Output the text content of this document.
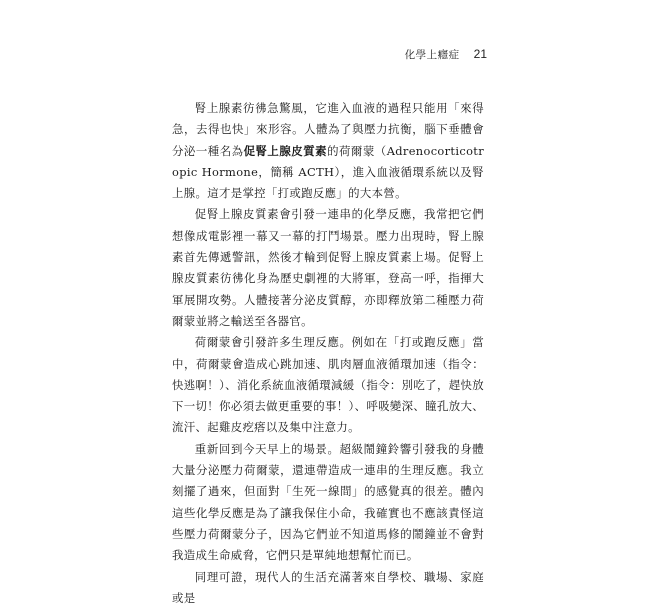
化學上癮症 21

腎上腺素彷彿急驚風，它進入血液的過程只能用「來得急，去得也快」來形容。人體為了與壓力抗衡，腦下垂體會分泌一種名為促腎上腺皮質素的荷爾蒙（Adrenocorticotropic Hormone，簡稱 ACTH），進入血液循環系統以及腎上腺。這才是掌控「打或跑反應」的大本營。

促腎上腺皮質素會引發一連串的化學反應，我常把它們想像成電影裡一幕又一幕的打鬥場景。壓力出現時，腎上腺素首先傳遞警訊，然後才輪到促腎上腺皮質素上場。促腎上腺皮質素彷彿化身為歷史劇裡的大將軍，登高一呼，指揮大軍展開攻勢。人體接著分泌皮質醇，亦即釋放第二種壓力荷爾蒙並將之輸送至各器官。

荷爾蒙會引發許多生理反應。例如在「打或跑反應」當中，荷爾蒙會造成心跳加速、肌肉層血液循環加速（指令：快逃啊！）、消化系統血液循環減緩（指令：別吃了，趕快放下一切！你必須去做更重要的事！）、呼吸變深、瞳孔放大、流汗、起雞皮疙瘩以及集中注意力。

重新回到今天早上的場景。超級鬧鐘鈴響引發我的身體大量分泌壓力荷爾蒙，還連帶造成一連串的生理反應。我立刻擺了過來，但面對「生死一線間」的感覺真的很差。體內這些化學反應是為了讓我保住小命，我確實也不應該責怪這些壓力荷爾蒙分子，因為它們並不知道馬修的鬧鐘並不會對我造成生命威脅，它們只是單純地想幫忙而已。

同理可證，現代人的生活充滿著來自學校、職場、家庭或是
